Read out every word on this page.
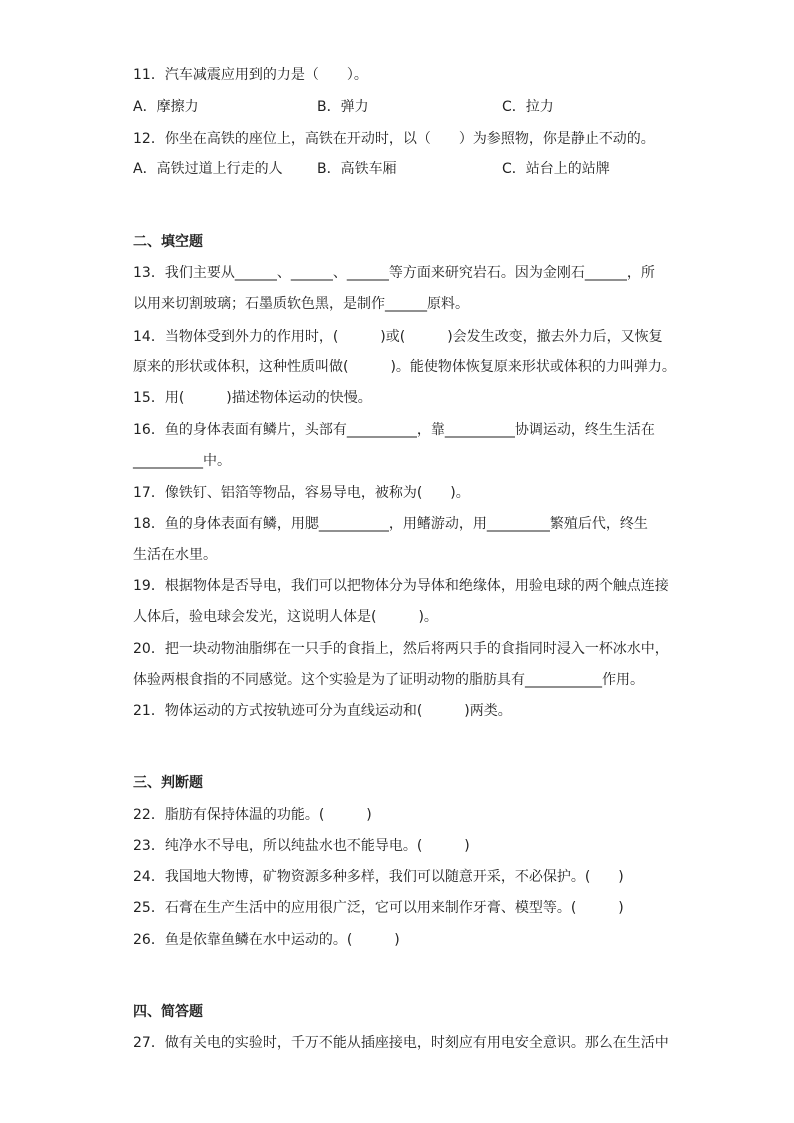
11．汽车减震应用到的力是（　　）。
A．摩擦力	B．弹力	C．拉力
12．你坐在高铁的座位上，高铁在开动时，以（　　）为参照物，你是静止不动的。
A．高铁过道上行走的人 B．高铁车厢	C．站台上的站牌
二、填空题
13．我们主要从______、______、______等方面来研究岩石。因为金刚石______，所
以用来切割玻璃；石墨质软色黑，是制作______原料。
14．当物体受到外力的作用时，(　　　)或(　　　)会发生改变，撤去外力后，又恢复
原来的形状或体积，这种性质叫做(　　　)。能使物体恢复原来形状或体积的力叫弹力。
15．用(　　　)描述物体运动的快慢。
16．鱼的身体表面有鳞片，头部有__________，靠__________协调运动，终生生活在
__________中。
17．像铁钉、铝箔等物品，容易导电，被称为(　　)。
18．鱼的身体表面有鳞，用腮__________，用鳍游动，用_________繁殖后代，终生
生活在水里。
19．根据物体是否导电，我们可以把物体分为导体和绝缘体，用验电球的两个触点连接
人体后，验电球会发光，这说明人体是(　　　)。
20．把一块动物油脂绑在一只手的食指上，然后将两只手的食指同时浸入一杯冰水中，
体验两根食指的不同感觉。这个实验是为了证明动物的脂肪具有___________作用。
21．物体运动的方式按轨迹可分为直线运动和(　　　)两类。
三、判断题
22．脂肪有保持体温的功能。(　　　)
23．纯净水不导电，所以纯盐水也不能导电。(　　　)
24．我国地大物博，矿物资源多种多样，我们可以随意开采，不必保护。(　　)
25．石膏在生产生活中的应用很广泛，它可以用来制作牙膏、模型等。(　　　)
26．鱼是依靠鱼鳞在水中运动的。(　　　)
四、简答题
27．做有关电的实验时，千万不能从插座接电，时刻应有用电安全意识。那么在生活中
